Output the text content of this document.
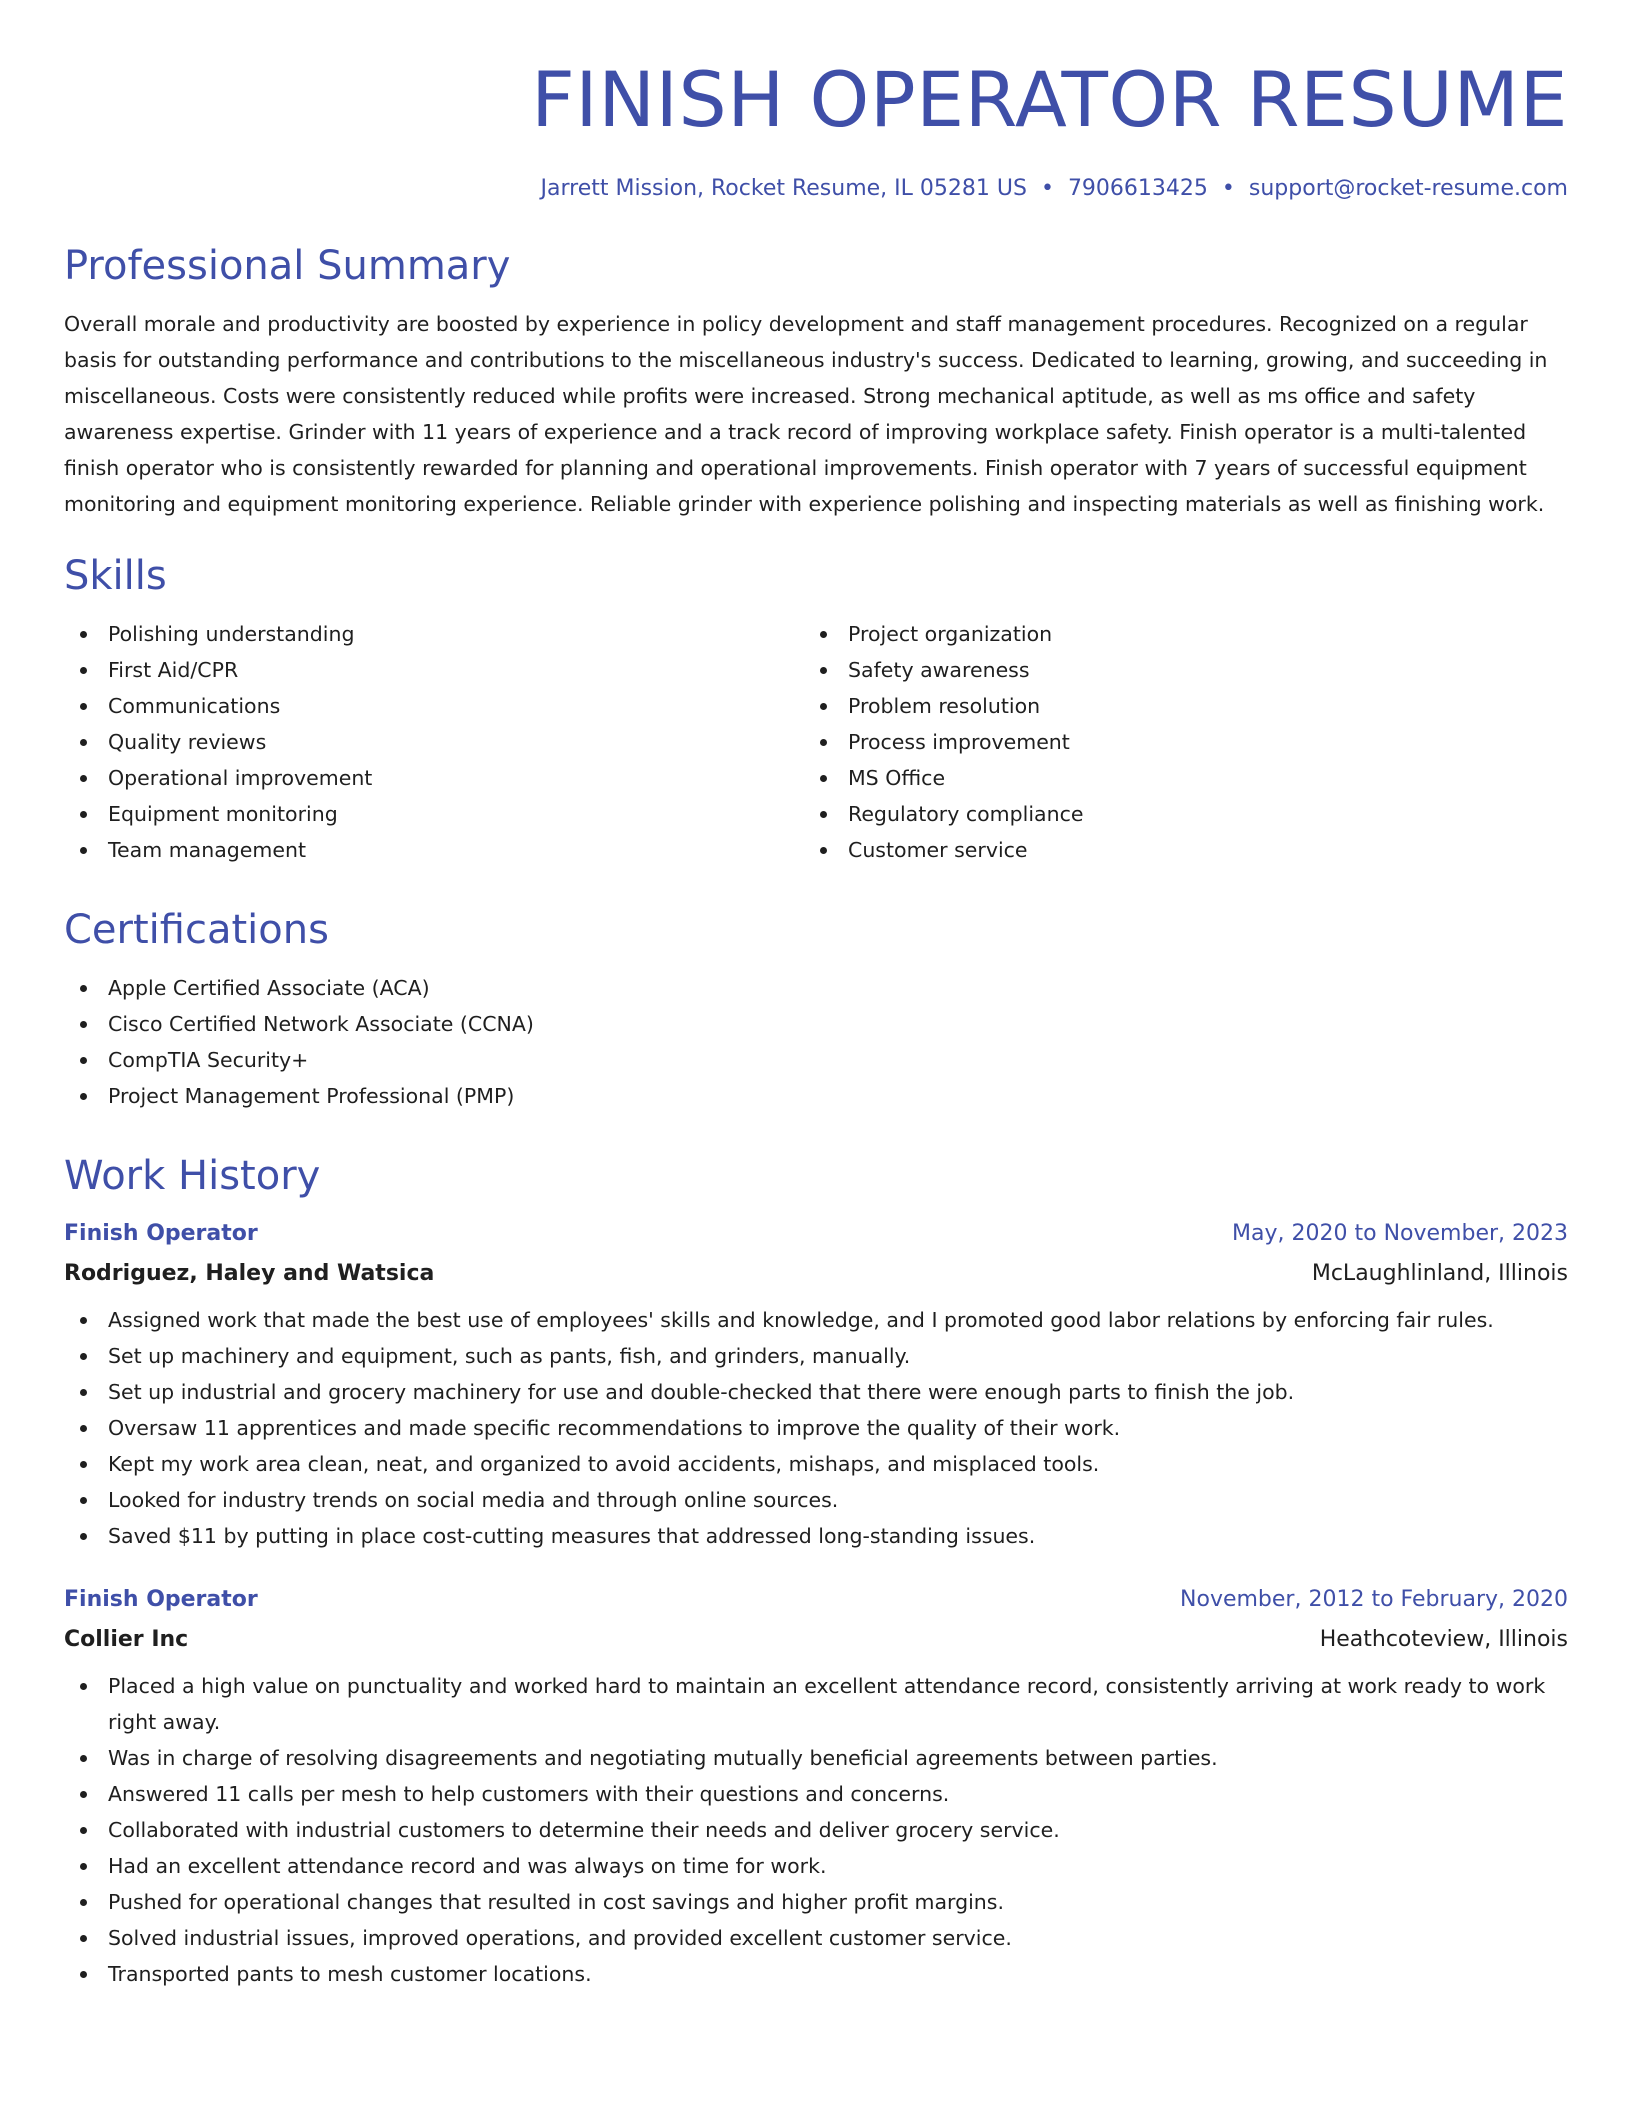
FINISH OPERATOR RESUME
Jarrett Mission, Rocket Resume, IL 05281 US • 7906613425 • support@rocket-resume.com
Professional Summary

Overall morale and productivity are boosted by experience in policy development and staff management procedures. Recognized on a regular basis for outstanding performance and contributions to the miscellaneous industry's success. Dedicated to learning, growing, and succeeding in miscellaneous. Costs were consistently reduced while profits were increased. Strong mechanical aptitude, as well as ms office and safety awareness expertise. Grinder with 11 years of experience and a track record of improving workplace safety. Finish operator is a multi-talented finish operator who is consistently rewarded for planning and operational improvements. Finish operator with 7 years of successful equipment monitoring and equipment monitoring experience. Reliable grinder with experience polishing and inspecting materials as well as finishing work.

Skills
Polishing understanding
First Aid/CPR
Communications
Quality reviews
Operational improvement
Equipment monitoring
Team management
Project organization
Safety awareness
Problem resolution
Process improvement
MS Office
Regulatory compliance
Customer service
Certifications
Apple Certified Associate (ACA)
Cisco Certified Network Associate (CCNA)
CompTIA Security+
Project Management Professional (PMP)
Work History
Finish Operator	May, 2020 to November, 2023
Rodriguez, Haley and Watsica	McLaughlinland, Illinois
Assigned work that made the best use of employees' skills and knowledge, and I promoted good labor relations by enforcing fair rules.
Set up machinery and equipment, such as pants, fish, and grinders, manually.
Set up industrial and grocery machinery for use and double-checked that there were enough parts to finish the job.
Oversaw 11 apprentices and made specific recommendations to improve the quality of their work.
Kept my work area clean, neat, and organized to avoid accidents, mishaps, and misplaced tools.
Looked for industry trends on social media and through online sources.
Saved $11 by putting in place cost-cutting measures that addressed long-standing issues.
Finish Operator	November, 2012 to February, 2020
Collier Inc	Heathcoteview, Illinois
Placed a high value on punctuality and worked hard to maintain an excellent attendance record, consistently arriving at work ready to work right away.
Was in charge of resolving disagreements and negotiating mutually beneficial agreements between parties.
Answered 11 calls per mesh to help customers with their questions and concerns.
Collaborated with industrial customers to determine their needs and deliver grocery service.
Had an excellent attendance record and was always on time for work.
Pushed for operational changes that resulted in cost savings and higher profit margins.
Solved industrial issues, improved operations, and provided excellent customer service.
Transported pants to mesh customer locations.
